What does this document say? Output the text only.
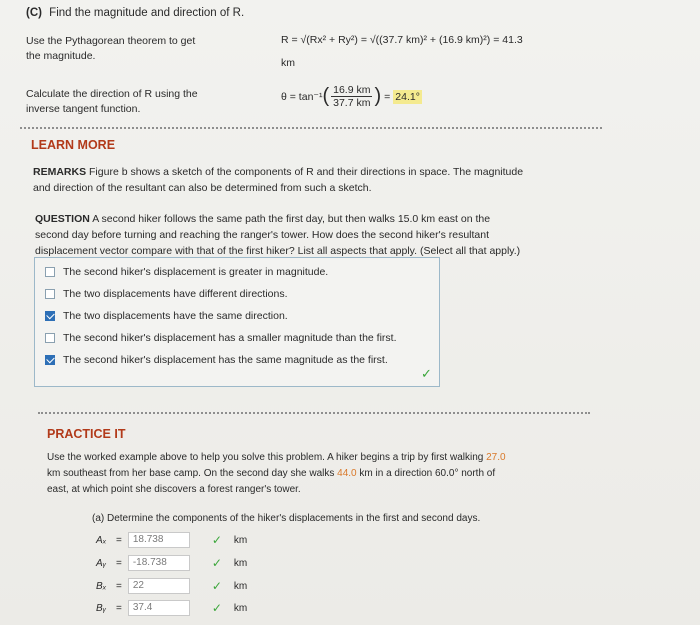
(C) Find the magnitude and direction of R.
Use the Pythagorean theorem to get
the magnitude.
R = √(Rx² + Ry²) = √((37.7 km)² + (16.9 km)²) = 41.3
km
Calculate the direction of R using the
inverse tangent function.
θ = tan⁻¹ ( $\frac{16.9 km}{37.7 km}$ ) = 24.1°
LEARN MORE
REMARKS Figure b shows a sketch of the components of R and their directions in space. The magnitude
and direction of the resultant can also be determined from such a sketch.
QUESTION A second hiker follows the same path the first day, but then walks 15.0 km east on the
second day before turning and reaching the ranger's tower. How does the second hiker's resultant
displacement vector compare with that of the first hiker? List all aspects that apply. (Select all that apply.)
The second hiker's displacement is greater in magnitude.
The two displacements have different directions.
The two displacements have the same direction.
The second hiker's displacement has a smaller magnitude than the first.
The second hiker's displacement has the same magnitude as the first.
✓
PRACTICE IT
Use the worked example above to help you solve this problem. A hiker begins a trip by first walking 27.0
km southeast from her base camp. On the second day she walks 44.0 km in a direction 60.0° north of
east, at which point she discovers a forest ranger's tower.
(a) Determine the components of the hiker's displacements in the first and second days.
Aₓ =	18.738	✓ km
Aᵧ =	-18.738	✓ km
Bₓ =	22	✓ km
Bᵧ =	37.4	✓ km
